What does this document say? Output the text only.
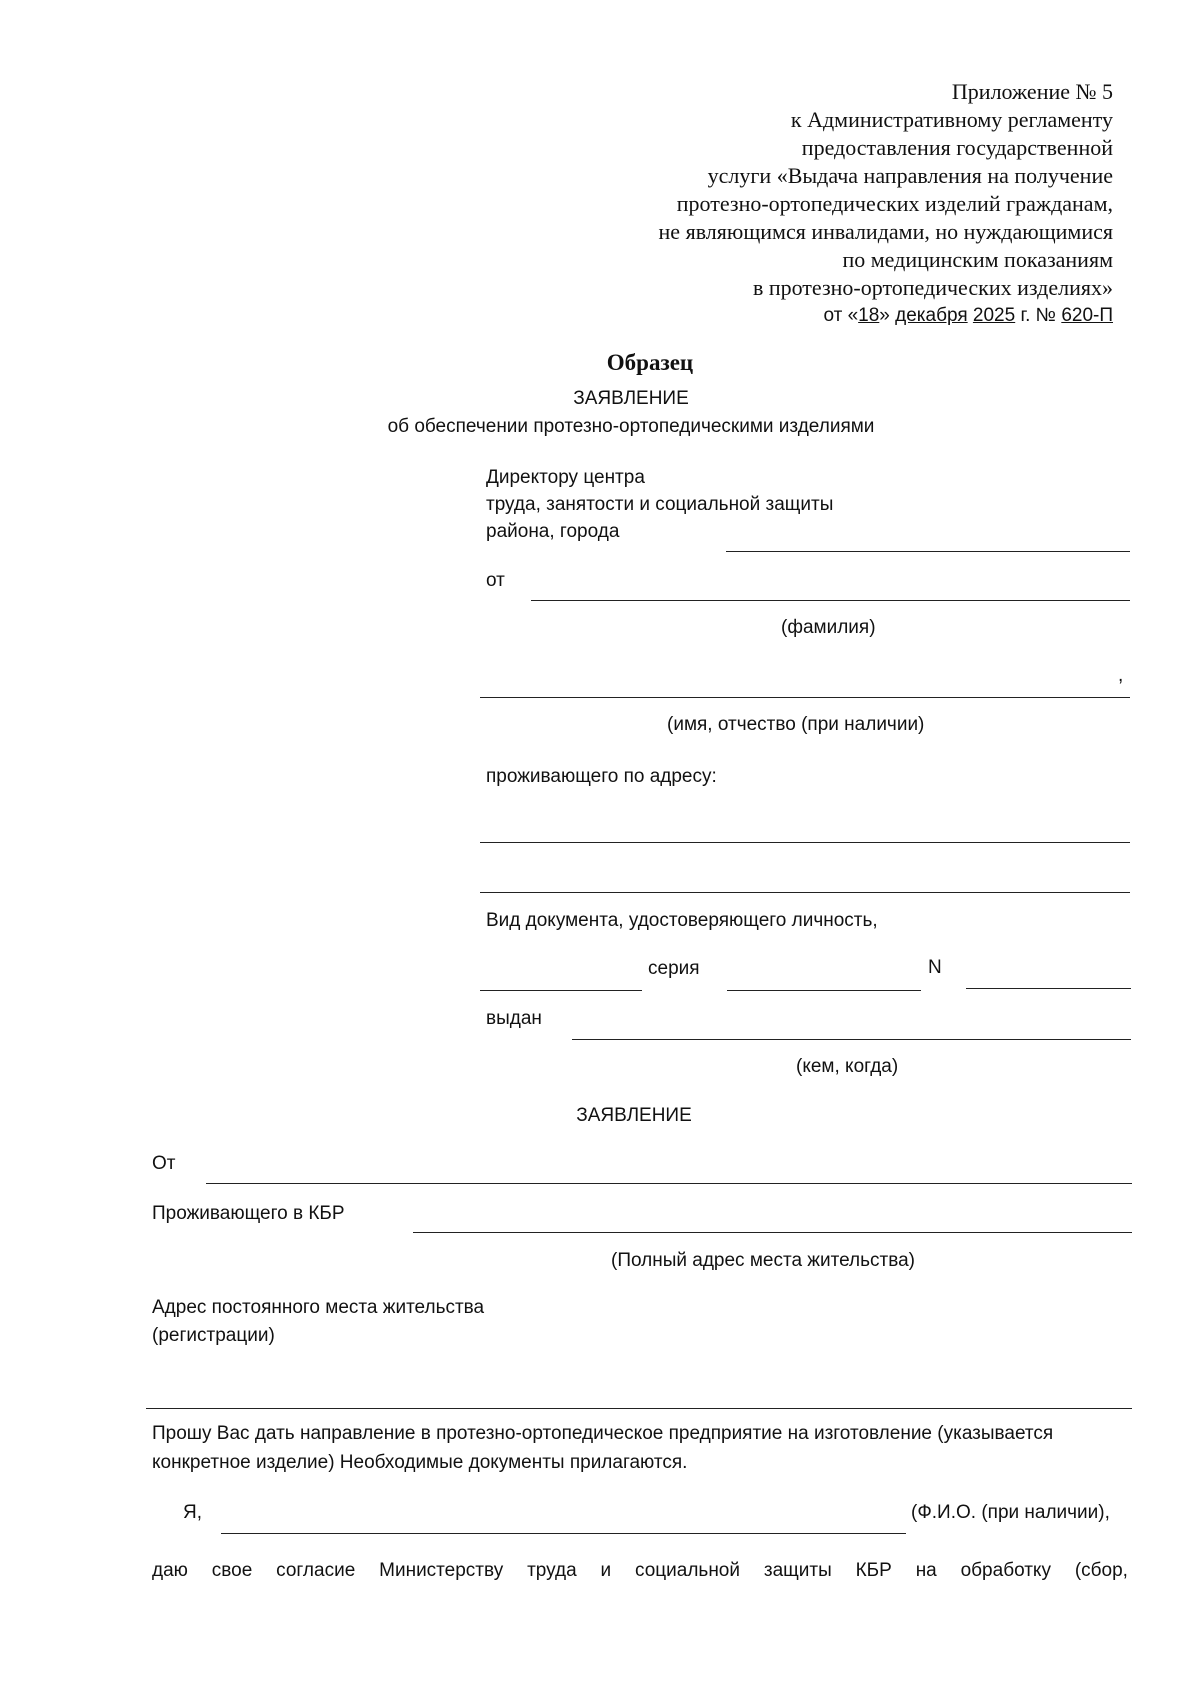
Приложение № 5
к Административному регламенту
предоставления государственной
услуги «Выдача направления на получение
протезно-ортопедических изделий гражданам,
не являющимся инвалидами, но нуждающимися
по медицинским показаниям
в протезно-ортопедических изделиях»
от «18» декабря 2025 г. № 620-П
Образец
ЗАЯВЛЕНИЕ
об обеспечении протезно-ортопедическими изделиями
Директору центра
труда, занятости и социальной защиты
района, города
от
(фамилия)
,
(имя, отчество (при наличии)
проживающего по адресу:
Вид документа, удостоверяющего личность,
серия	N
выдан
(кем, когда)
ЗАЯВЛЕНИЕ
От
Проживающего в КБР
(Полный адрес места жительства)
Адрес постоянного места жительства
(регистрации)
Прошу Вас дать направление в протезно-ортопедическое предприятие на изготовление (указывается
конкретное изделие) Необходимые документы прилагаются.
Я,	(Ф.И.О. (при наличии),
даю свое согласие Министерству труда и социальной защиты КБР на обработку (сбор,
